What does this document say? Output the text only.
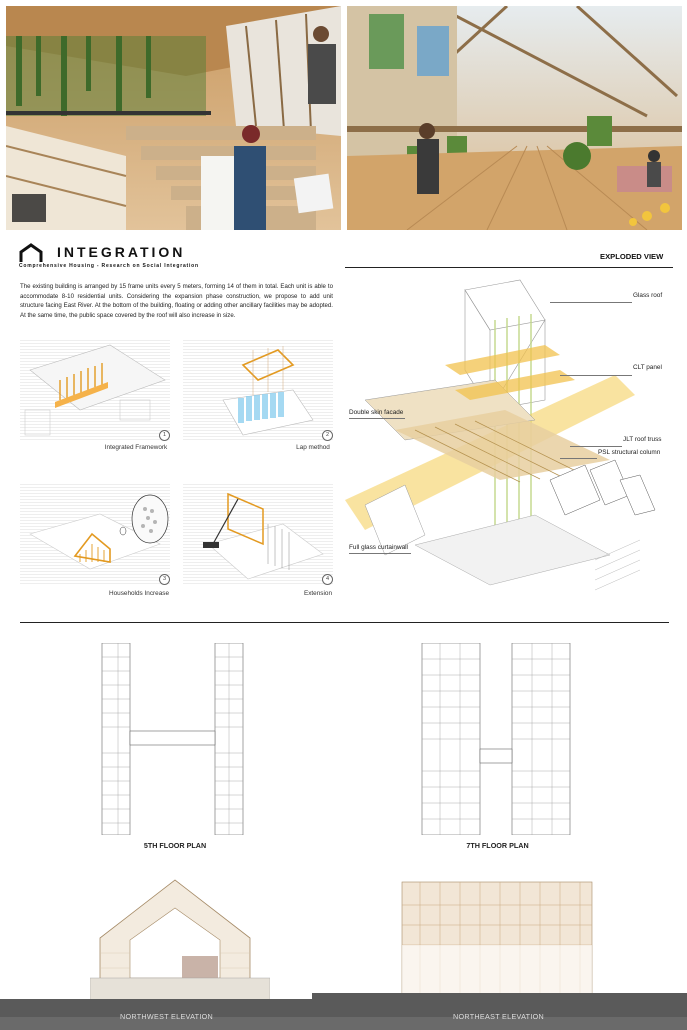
INTEGRATION
Comprehensive Housing - Research on Social Integration
EXPLODED VIEW
The existing building is arranged by 15 frame units every 5 meters, forming 14 of them in total. Each unit is able to accommodate 8-10 residential units. Considering the expansion phase construction, we propose to add unit structure facing East River. At the bottom of the building, floating or adding other ancillary facilities may be adopted. At the same time, the public space covered by the roof will also increase in size.
1
Integrated Framework
2
Lap method
3
Households Increase
4
Extension
Glass roof
CLT panel
Double skin facade
JLT roof truss
PSL structural column
Full glass curtainwall
5TH FLOOR PLAN	7TH FLOOR PLAN
NORTHWEST ELEVATION	NORTHEAST ELEVATION
